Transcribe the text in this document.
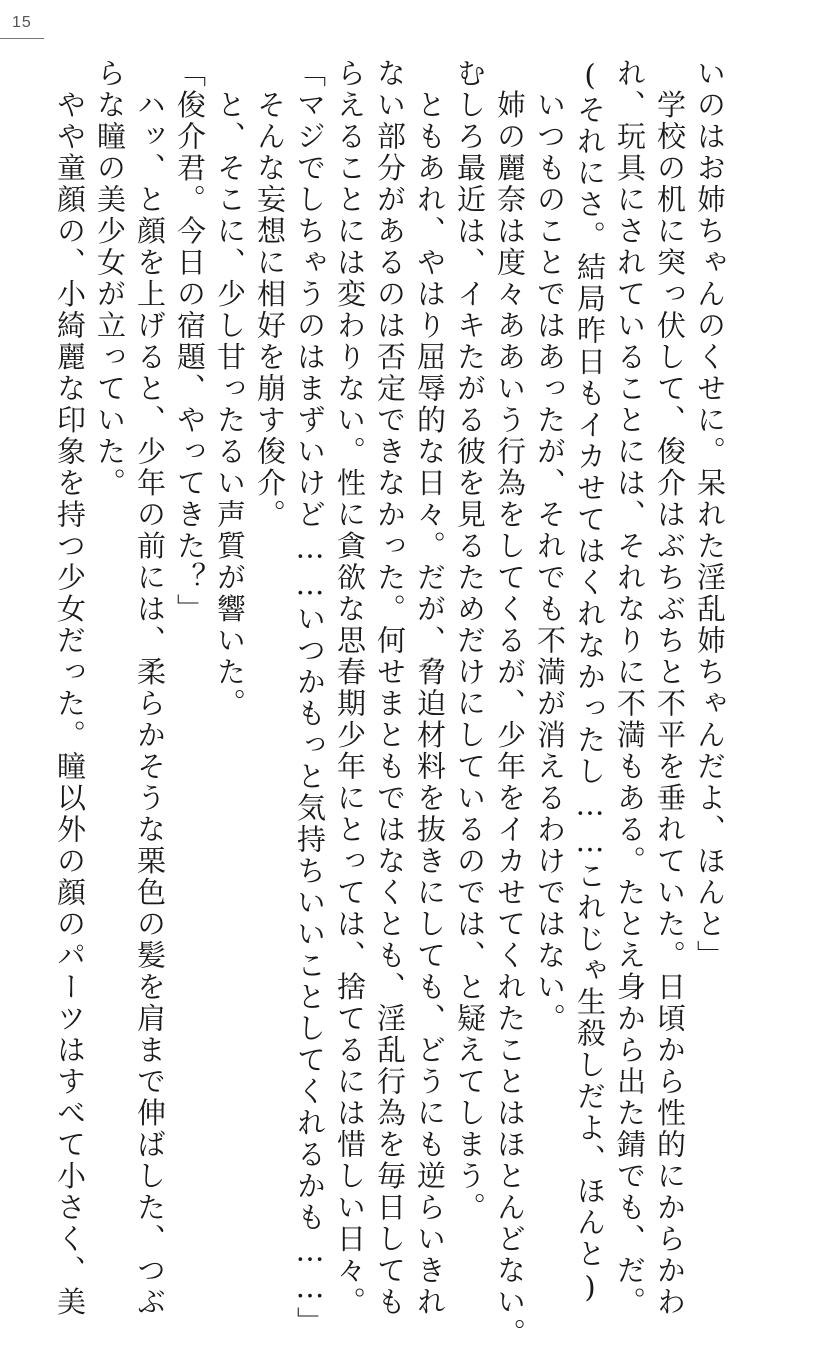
15

いのはお姉ちゃんのくせに。呆れた淫乱姉ちゃんだよ、ほんと」

　学校の机に突っ伏して、俊介はぶちぶちと不平を垂れていた。日頃から性的にからかわ

れ、玩具にされていることには、それなりに不満もある。たとえ身から出た錆でも、だ。

(それにさ。結局昨日もイカせてはくれなかったし……これじゃ生殺しだよ、ほんと)

　いつものことではあったが、それでも不満が消えるわけではない。

　姉の麗奈は度々ああいう行為をしてくるが、少年をイカせてくれたことはほとんどない。

むしろ最近は、イキたがる彼を見るためだけにしているのでは、と疑えてしまう。

　ともあれ、やはり屈辱的な日々。だが、脅迫材料を抜きにしても、どうにも逆らいきれ

ない部分があるのは否定できなかった。何せまともではなくとも、淫乱行為を毎日しても

らえることには変わりない。性に貪欲な思春期少年にとっては、捨てるには惜しい日々。

「マジでしちゃうのはまずいけど……いつかもっと気持ちいいことしてくれるかも……」

　そんな妄想に相好を崩す俊介。

　と、そこに、少し甘ったるい声質が響いた。

「俊介君。今日の宿題、やってきた？」

　ハッ、と顔を上げると、少年の前には、柔らかそうな栗色の髪を肩まで伸ばした、つぶ

らな瞳の美少女が立っていた。

　やや童顔の、小綺麗な印象を持つ少女だった。瞳以外の顔のパーツはすべて小さく、美
